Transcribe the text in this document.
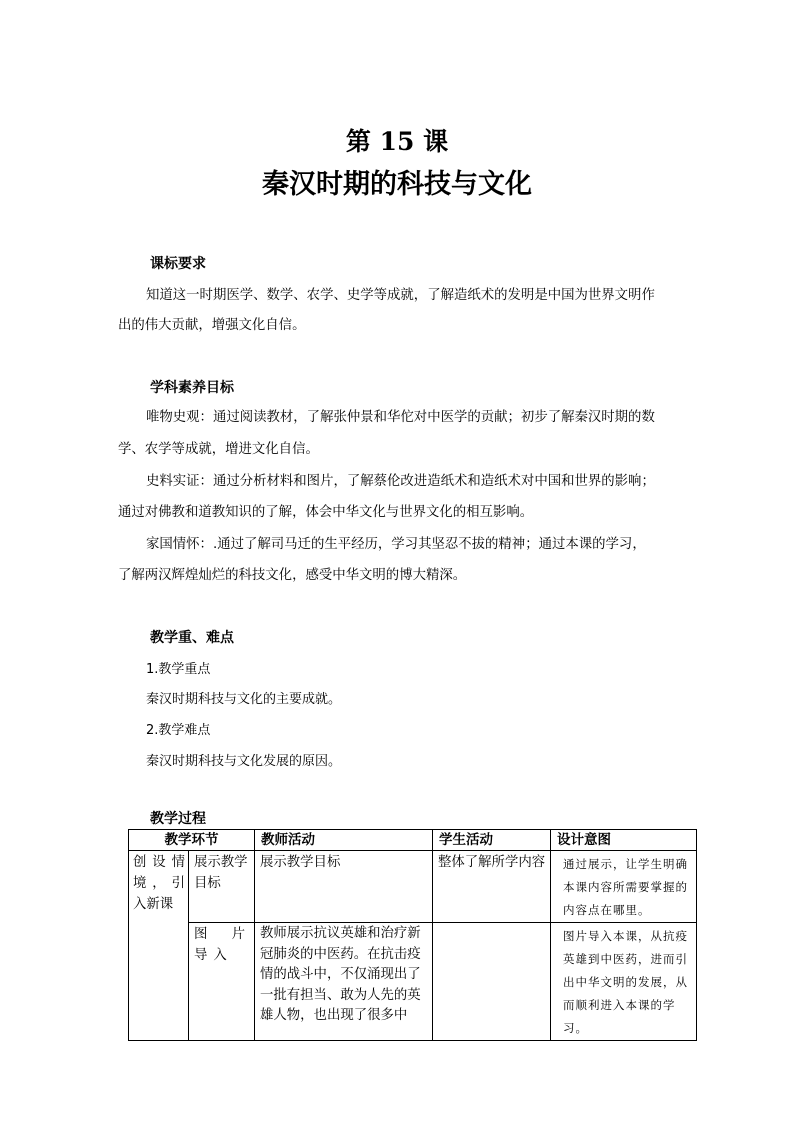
第 15 课
秦汉时期的科技与文化
课标要求
知道这一时期医学、数学、农学、史学等成就，了解造纸术的发明是中国为世界文明作
出的伟大贡献，增强文化自信。
学科素养目标
唯物史观：通过阅读教材，了解张仲景和华佗对中医学的贡献；初步了解秦汉时期的数
学、农学等成就，增进文化自信。
史料实证：通过分析材料和图片，了解蔡伦改进造纸术和造纸术对中国和世界的影响；
通过对佛教和道教知识的了解，体会中华文化与世界文化的相互影响。
家国情怀：.通过了解司马迁的生平经历，学习其坚忍不拔的精神；通过本课的学习，
了解两汉辉煌灿烂的科技文化，感受中华文明的博大精深。
教学重、难点
1.教学重点
秦汉时期科技与文化的主要成就。
2.教学难点
秦汉时期科技与文化发展的原因。
教学过程
教学环节		教师活动	学生活动	设计意图

创设情境，引入新课	展示教学目标	展示教学目标	整体了解所学内容	通过展示，让学生明确本课内容所需要掌握的内容点在哪里。

	图片导入	教师展示抗议英雄和治疗新冠肺炎的中医药。在抗击疫情的战斗中，不仅涌现出了一批有担当、敢为人先的英雄人物，也出现了很多中		图片导入本课，从抗疫英雄到中医药，进而引出中华文明的发展，从而顺利进入本课的学习。
